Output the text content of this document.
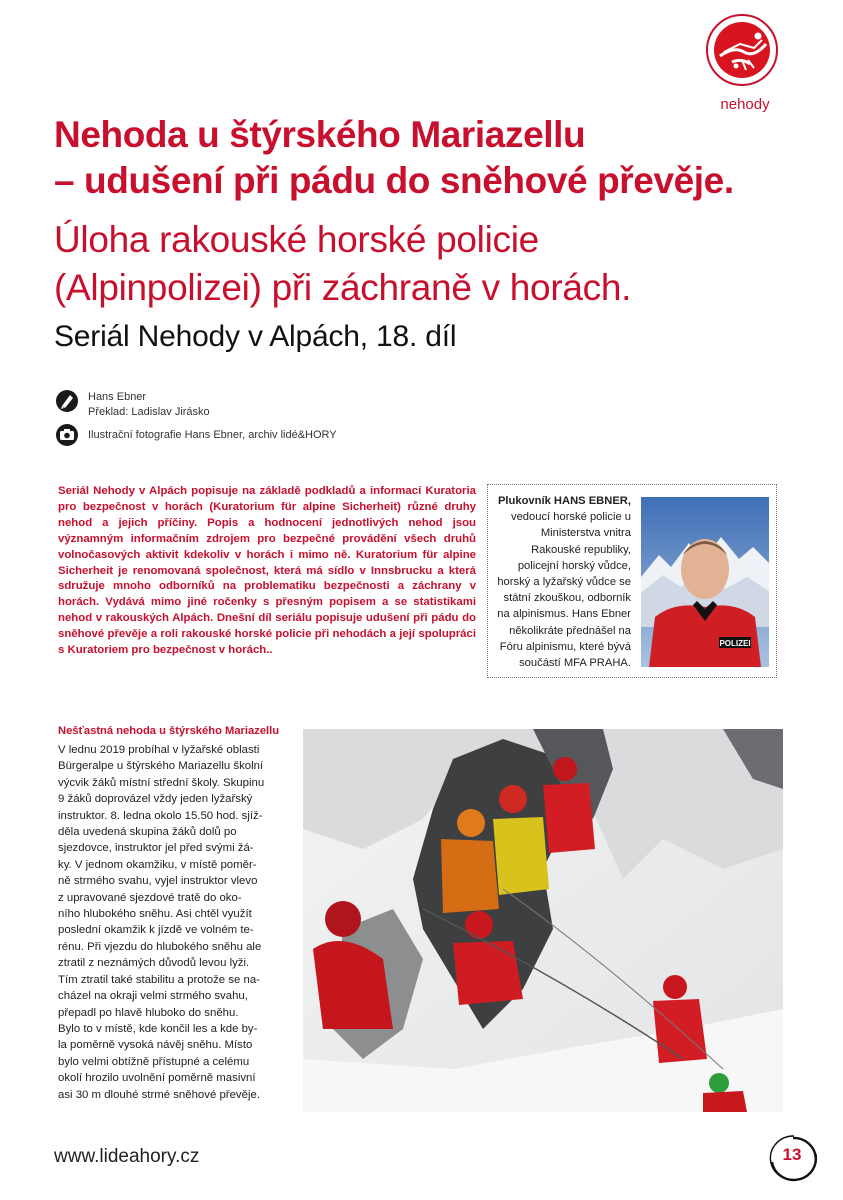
nehody
Nehoda u štýrského Mariazellu
– udušení při pádu do sněhové převěje.
Úloha rakouské horské policie
(Alpinpolizei) při záchraně v horách.
Seriál Nehody v Alpách, 18. díl
Hans Ebner
Překlad: Ladislav Jirásko
Ilustrační fotografie Hans Ebner, archiv lidé&HORY
Seriál Nehody v Alpách popisuje na základě podkladů a informací Kuratoria pro bezpečnost v horách (Kuratorium für alpine Sicherheit) různé druhy nehod a jejich příčiny. Popis a hodnocení jednotlivých nehod jsou významným informačním zdrojem pro bezpečné provádění všech druhů volnočasových aktivit kdekoliv v horách i mimo ně. Kuratorium für alpine Sicherheit je renomovaná společnost, která má sídlo v Innsbrucku a která sdružuje mnoho odborníků na problematiku bezpečnosti a záchrany v horách. Vydává mimo jiné ročenky s přesným popisem a se statistikami nehod v rakouských Alpách. Dnešní díl seriálu popisuje udušení při pádu do sněhové převěje a roli rakouské horské policie při nehodách a její spolupráci s Kuratoriem pro bezpečnost v horách..
Plukovník HANS EBNER, vedoucí horské policie u Ministerstva vnitra Rakouské republiky, policejní horský vůdce, horský a lyžařský vůdce se státní zkouškou, odborník na alpinismus. Hans Ebner několikráte přednášel na Fóru alpinismu, které bývá součástí MFA PRAHA.
POLIZEI
Nešťastná nehoda u štýrského Mariazellu
V lednu 2019 probíhal v lyžařské oblasti
Bürgeralpe u štýrského Mariazellu školní
výcvik žáků místní střední školy. Skupinu
9 žáků doprovázel vždy jeden lyžařský
instruktor. 8. ledna okolo 15.50 hod. sjíž-
děla uvedená skupina žáků dolů po
sjezdovce, instruktor jel před svými žá-
ky. V jednom okamžiku, v místě poměr-
ně strmého svahu, vyjel instruktor vlevo
z upravované sjezdové tratě do oko-
ního hlubokého sněhu. Asi chtěl využít
poslední okamžik k jízdě ve volném te-
rénu. Při vjezdu do hlubokého sněhu ale
ztratil z neznámých důvodů levou lyži.
Tím ztratil také stabilitu a protože se na-
cházel na okraji velmi strmého svahu,
přepadl po hlavě hluboko do sněhu.
Bylo to v místě, kde končil les a kde by-
la poměrně vysoká návěj sněhu. Místo
bylo velmi obtížně přístupné a celému
okolí hrozilo uvolnění poměrně masivní
asi 30 m dlouhé strmé sněhové převěje.
www.lideahory.cz	13
